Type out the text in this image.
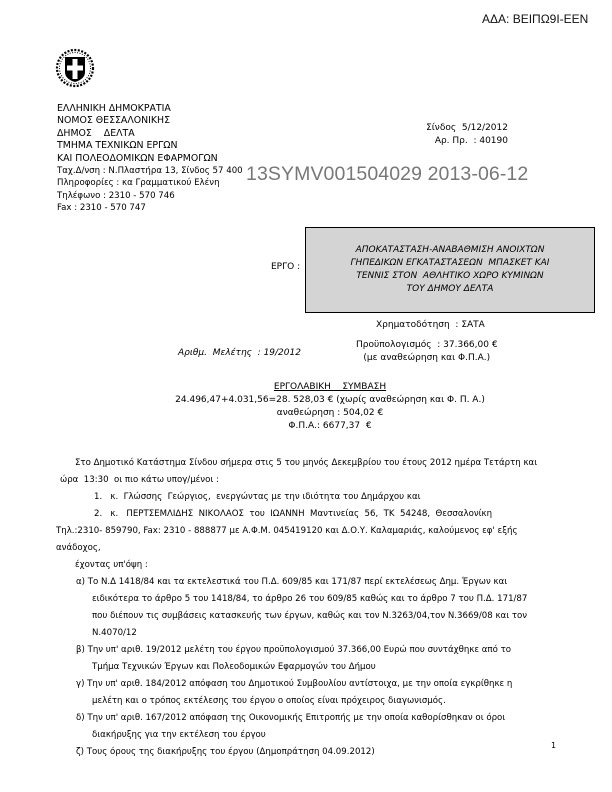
ΑΔΑ: ΒΕΙΠΩ9Ι-ΕΕΝ
ΕΛΛΗΝΙΚΗ ΔΗΜΟΚΡΑΤΙΑ
ΝΟΜΟΣ ΘΕΣΣΑΛΟΝΙΚΗΣ
ΔΗΜΟΣ    ΔΕΛΤΑ
ΤΜΗΜΑ ΤΕΧΝΙΚΩΝ ΕΡΓΩΝ
ΚΑΙ ΠΟΛΕΟΔΟΜΙΚΩΝ ΕΦΑΡΜΟΓΩΝ
Ταχ.Δ/νση : Ν.Πλαστήρα 13, Σίνδος 57 400
Πληροφορίες : κα Γραμματικού Ελένη
Τηλέφωνο : 2310 - 570 746
Fax : 2310 - 570 747
Σίνδος  5/12/2012
Αρ. Πρ.  : 40190
13SYMV001504029 2013-06-12
ΕΡΓΟ :
ΑΠΟΚΑΤΑΣΤΑΣΗ-ΑΝΑΒΑΘΜΙΣΗ ΑΝΟΙΧΤΩΝ
ΓΗΠΕΔΙΚΩΝ ΕΓΚΑΤΑΣΤΑΣΕΩΝ  ΜΠΑΣΚΕΤ ΚΑΙ
ΤΕΝΝΙΣ ΣΤΟΝ  ΑΘΛΗΤΙΚΟ ΧΩΡΟ ΚΥΜΙΝΩΝ
ΤΟΥ ΔΗΜΟΥ ΔΕΛΤΑ
Χρηματοδότηση  : ΣΑΤΑ
Προϋπολογισμός  : 37.366,00 €
(με αναθεώρηση και Φ.Π.Α.)
Αριθμ.  Μελέτης  : 19/2012
ΕΡΓΟΛΑΒΙΚΗ    ΣΥΜΒΑΣΗ
24.496,47+4.031,56=28. 528,03 € (χωρίς αναθεώρηση και Φ. Π. Α.)
αναθεώρηση : 504,02 €
Φ.Π.Α.: 6677,37  €
Στο Δημοτικό Κατάστημα Σίνδου σήμερα στις 5 του μηνός Δεκεμβρίου του έτους 2012 ημέρα Τετάρτη και
ώρα  13:30  οι πιο κάτω υπογ/μένοι :
1.   κ.  Γλώσσης  Γεώργιος,  ενεργώντας με την ιδιότητα του Δημάρχου και
2.   κ.   ΠΕΡΤΣΕΜΛΙΔΗΣ  ΝΙΚΟΛΑΟΣ  του  ΙΩΑΝΝΗ  Μαντινείας  56,  ΤΚ  54248,  Θεσσαλονίκη
Τηλ.:2310- 859790, Fax: 2310 - 888877 με Α.Φ.Μ. 045419120 και Δ.Ο.Υ. Καλαμαριάς, καλούμενος εφ' εξής
ανάδοχος,
έχοντας υπ'όψη :
α) Το Ν.Δ 1418/84 και τα εκτελεστικά του Π.Δ. 609/85 και 171/87 περί εκτελέσεως Δημ. Έργων και
ειδικότερα το άρθρο 5 του 1418/84, το άρθρο 26 του 609/85 καθώς και το άρθρο 7 του Π.Δ. 171/87
που διέπουν τις συμβάσεις κατασκευής των έργων, καθώς και τον Ν.3263/04,τον Ν.3669/08 και τον
Ν.4070/12
β) Την υπ' αριθ. 19/2012 μελέτη του έργου προϋπολογισμού 37.366,00 Ευρώ που συντάχθηκε από το
Τμήμα Τεχνικών Έργων και Πολεοδομικών Εφαρμογών του Δήμου
γ) Την υπ' αριθ. 184/2012 απόφαση του Δημοτικού Συμβουλίου αντίστοιχα, με την οποία εγκρίθηκε η
μελέτη και ο τρόπος εκτέλεσης του έργου ο οποίος είναι πρόχειρος διαγωνισμός.
δ) Την υπ' αριθ. 167/2012 απόφαση της Οικονομικής Επιτροπής με την οποία καθορίσθηκαν οι όροι
διακήρυξης για την εκτέλεση του έργου
ζ) Τους όρους της διακήρυξης του έργου (Δημοπράτηση 04.09.2012)
1
